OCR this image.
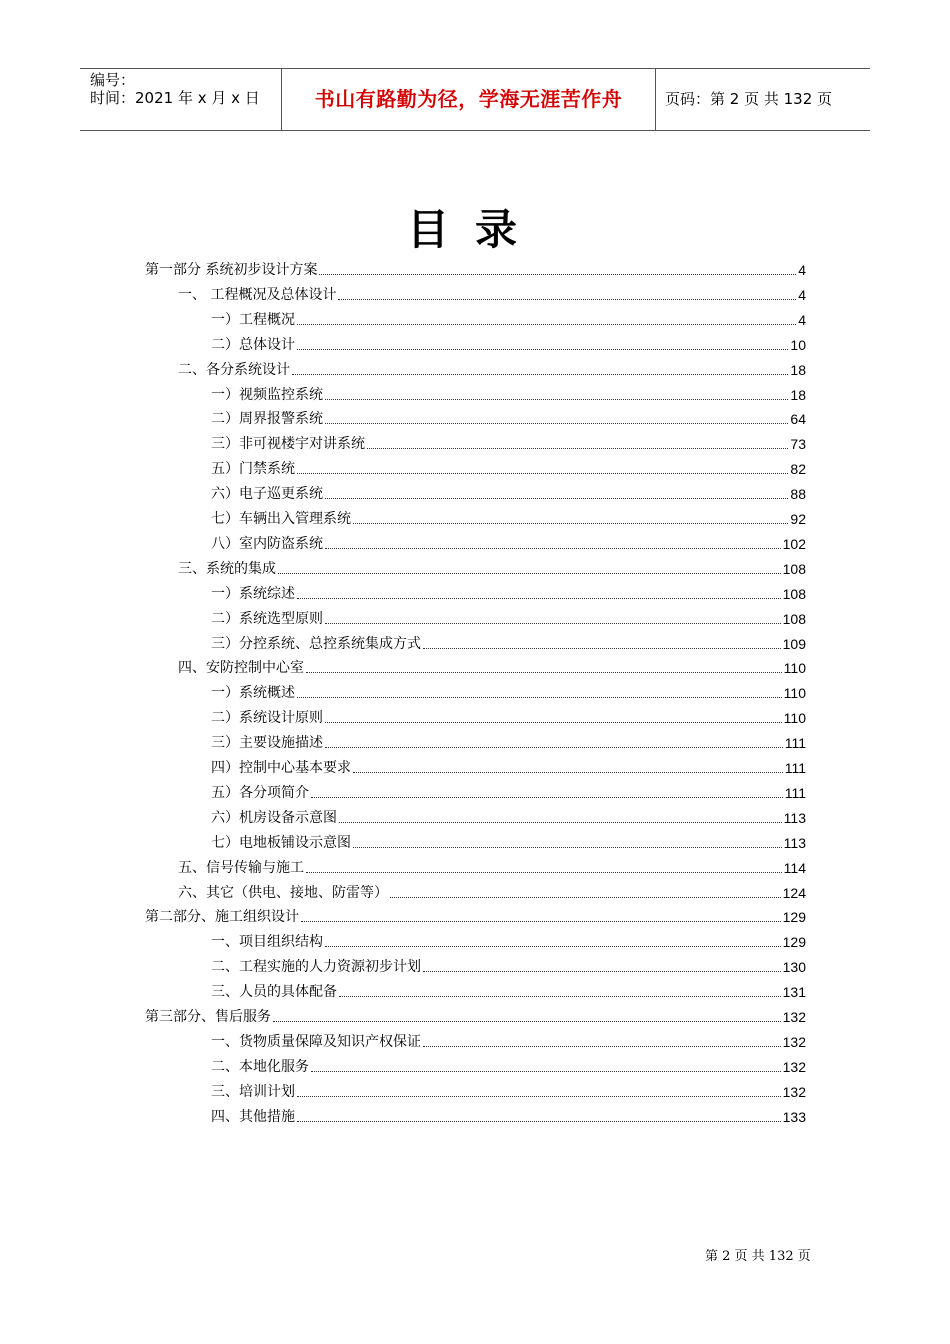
编号：
时间：2021 年 x 月 x 日	书山有路勤为径，学海无涯苦作舟	页码：第 2 页 共 132 页
目录
第一部分 系统初步设计方案	4
一、 工程概况及总体设计	4
一）工程概况	4
二）总体设计	10
二、各分系统设计	18
一）视频监控系统	18
二）周界报警系统	64
三）非可视楼宇对讲系统	73
五）门禁系统	82
六）电子巡更系统	88
七）车辆出入管理系统	92
八）室内防盗系统	102
三、系统的集成	108
一）系统综述	108
二）系统选型原则	108
三）分控系统、总控系统集成方式	109
四、安防控制中心室	110
一）系统概述	110
二）系统设计原则	110
三）主要设施描述	111
四）控制中心基本要求	111
五）各分项简介	111
六）机房设备示意图	113
七）电地板铺设示意图	113
五、信号传输与施工	114
六、其它（供电、接地、防雷等）	124
第二部分、施工组织设计	129
一、项目组织结构	129
二、工程实施的人力资源初步计划	130
三、人员的具体配备	131
第三部分、售后服务	132
一、货物质量保障及知识产权保证	132
二、本地化服务	132
三、培训计划	132
四、其他措施	133
第 2 页 共 132 页
